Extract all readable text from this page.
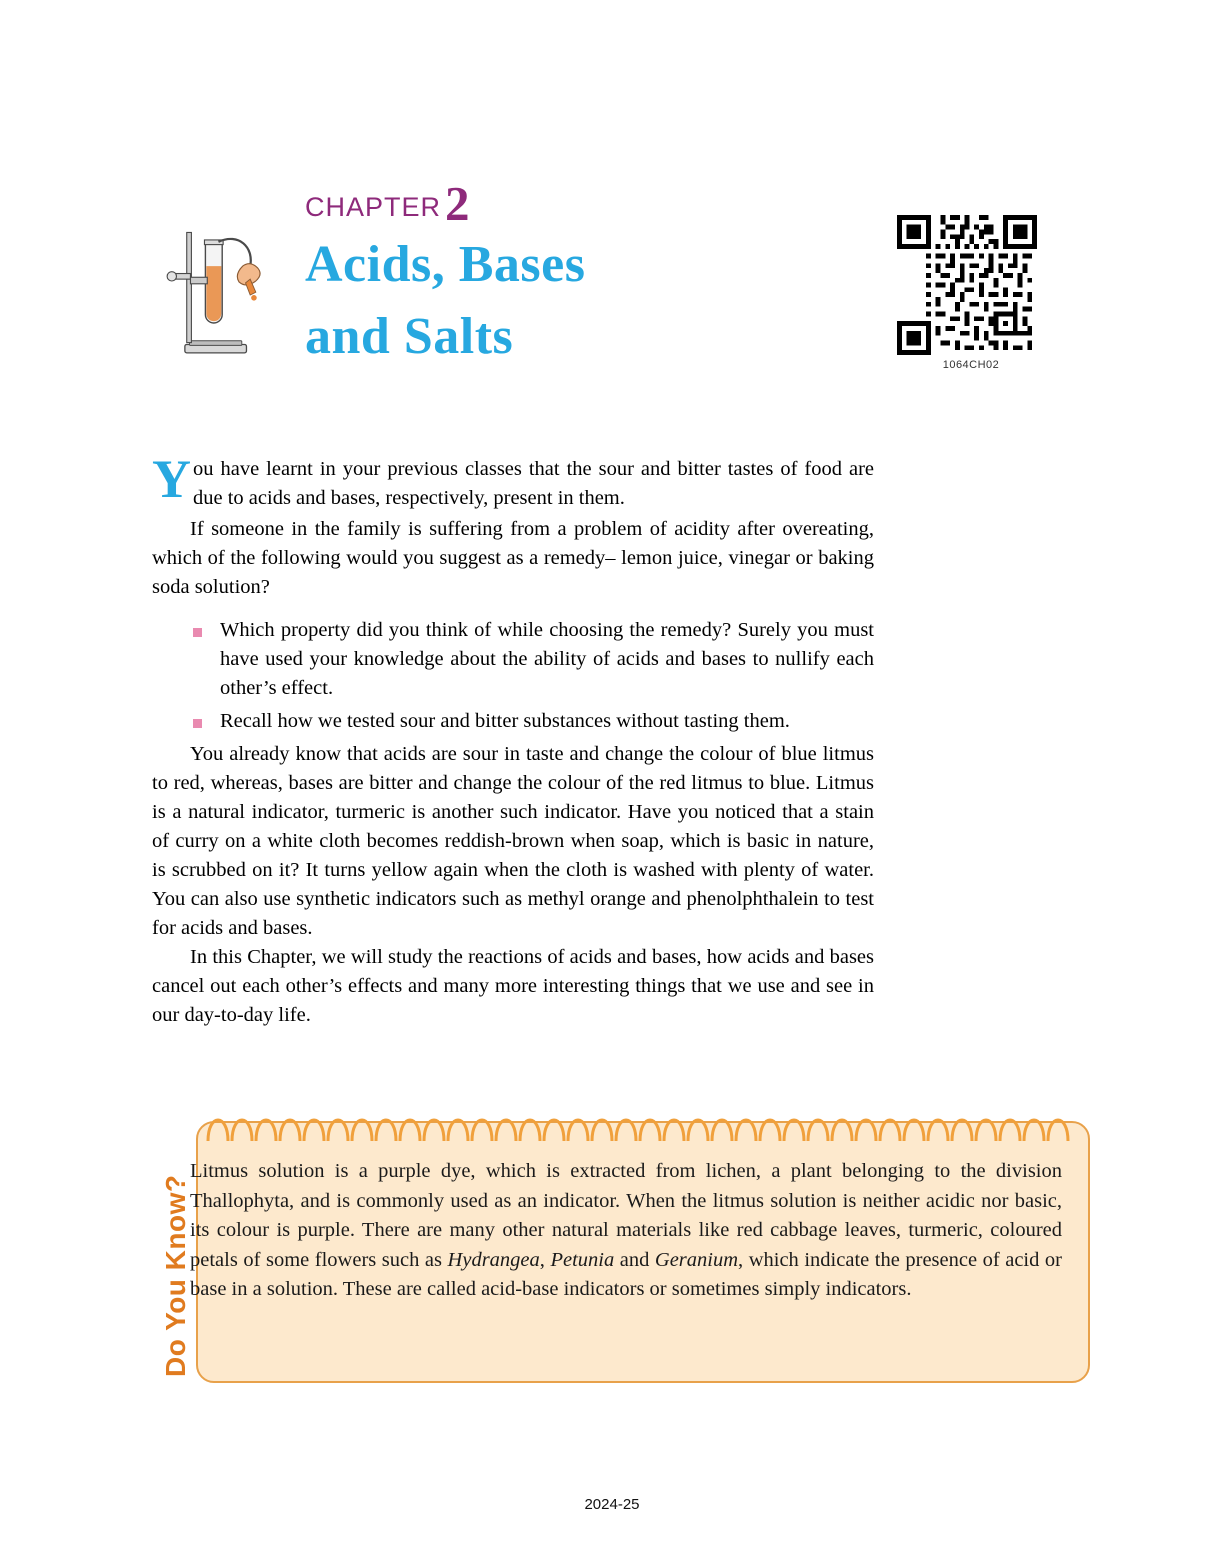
CHAPTER 2
Acids, Bases
and Salts	1064CH02
Y ou have learnt in your previous classes that the sour and bitter tastes of food are due to acids and bases, respectively, present in them.

If someone in the family is suffering from a problem of acidity after overeating, which of the following would you suggest as a remedy– lemon juice, vinegar or baking soda solution?

Which property did you think of while choosing the remedy? Surely you must have used your knowledge about the ability of acids and bases to nullify each other’s effect.
Recall how we tested sour and bitter substances without tasting them.

You already know that acids are sour in taste and change the colour of blue litmus to red, whereas, bases are bitter and change the colour of the red litmus to blue. Litmus is a natural indicator, turmeric is another such indicator. Have you noticed that a stain of curry on a white cloth becomes reddish-brown when soap, which is basic in nature, is scrubbed on it? It turns yellow again when the cloth is washed with plenty of water. You can also use synthetic indicators such as methyl orange and phenolphthalein to test for acids and bases.

In this Chapter, we will study the reactions of acids and bases, how acids and bases cancel out each other’s effects and many more interesting things that we use and see in our day-to-day life.

Do You Know?
Litmus solution is a purple dye, which is extracted from lichen, a plant belonging to the division Thallophyta, and is commonly used as an indicator. When the litmus solution is neither acidic nor basic, its colour is purple. There are many other natural materials like red cabbage leaves, turmeric, coloured petals of some flowers such as Hydrangea, Petunia and Geranium, which indicate the presence of acid or base in a solution. These are called acid-base indicators or sometimes simply indicators.
2024-25
